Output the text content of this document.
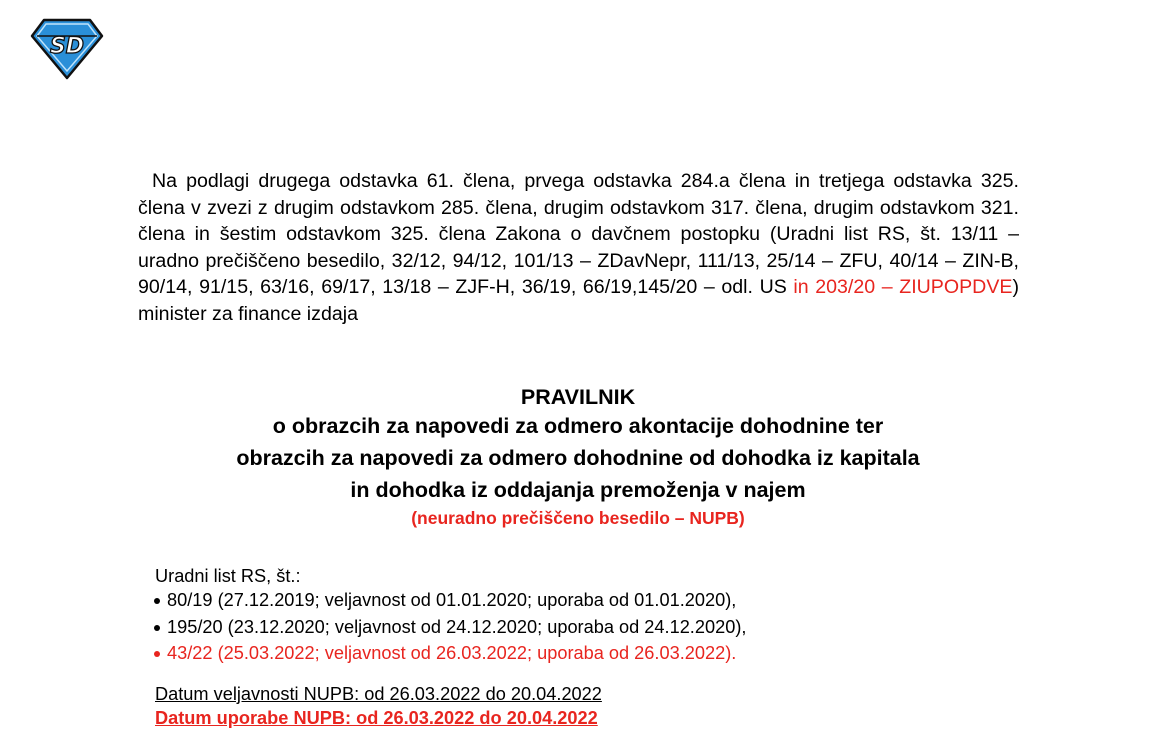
SD

Na podlagi drugega odstavka 61. člena, prvega odstavka 284.a člena in tretjega odstavka 325. člena v zvezi z drugim odstavkom 285. člena, drugim odstavkom 317. člena, drugim odstavkom 321. člena in šestim odstavkom 325. člena Zakona o davčnem postopku (Uradni list RS, št. 13/11 – uradno prečiščeno besedilo, 32/12, 94/12, 101/13 – ZDavNepr, 111/13, 25/14 – ZFU, 40/14 – ZIN-B, 90/14, 91/15, 63/16, 69/17, 13/18 – ZJF-H, 36/19, 66/19,145/20 – odl. US in 203/20 – ZIUPOPDVE) minister za finance izdaja

PRAVILNIK

o obrazcih za napovedi za odmero akontacije dohodnine ter

obrazcih za napovedi za odmero dohodnine od dohodka iz kapitala

in dohodka iz oddajanja premoženja v najem

(neuradno prečiščeno besedilo – NUPB)

Uradni list RS, št.:

80/19 (27.12.2019; veljavnost od 01.01.2020; uporaba od 01.01.2020),
195/20 (23.12.2020; veljavnost od 24.12.2020; uporaba od 24.12.2020),
43/22 (25.03.2022; veljavnost od 26.03.2022; uporaba od 26.03.2022).

Datum veljavnosti NUPB: od 26.03.2022 do 20.04.2022

Datum uporabe NUPB: od 26.03.2022 do 20.04.2022
